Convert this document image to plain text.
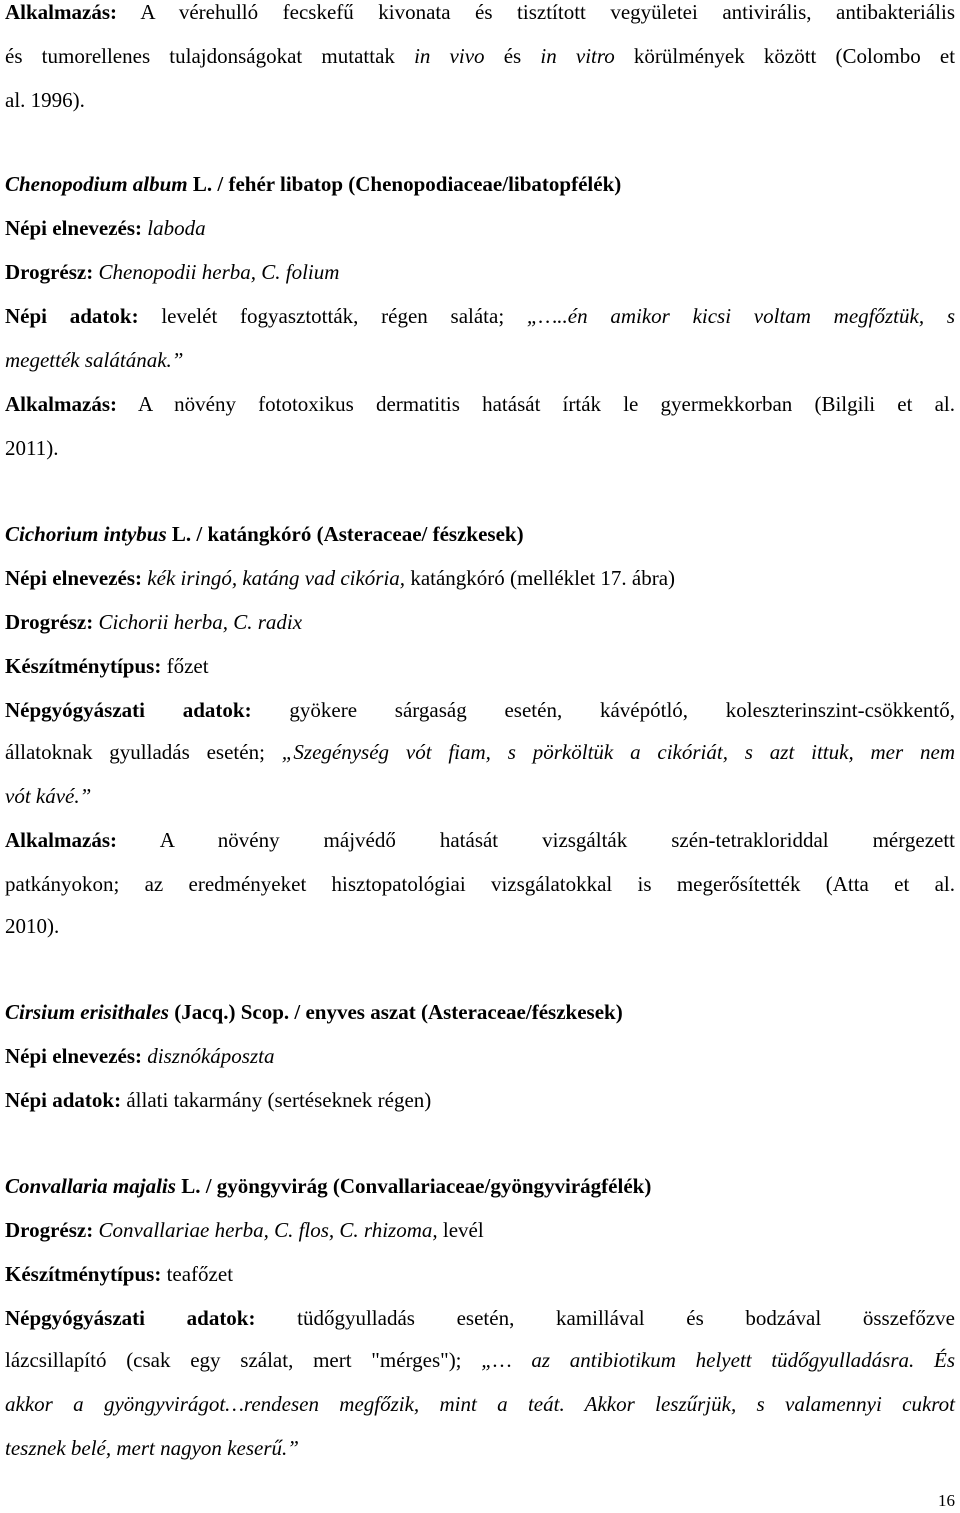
Alkalmazás: A vérehulló fecskefű kivonata és tisztított vegyületei antivirális, antibakteriális
és tumorellenes tulajdonságokat mutattak in vivo és in vitro körülmények között (Colombo et
al. 1996).
Chenopodium album L. / fehér libatop (Chenopodiaceae/libatopfélék)
Népi elnevezés: laboda
Drogrész: Chenopodii herba, C. folium
Népi adatok: levelét fogyasztották, régen saláta; „…..én amikor kicsi voltam megfőztük, s
megették salátának.”
Alkalmazás: A növény fototoxikus dermatitis hatását írták le gyermekkorban (Bilgili et al.
2011).
Cichorium intybus L. / katángkóró (Asteraceae/ fészkesek)
Népi elnevezés: kék iringó, katáng vad cikória, katángkóró (melléklet 17. ábra)
Drogrész: Cichorii herba, C. radix
Készítménytípus: főzet
Népgyógyászati adatok: gyökere sárgaság esetén, kávépótló, koleszterinszint-csökkentő,
állatoknak gyulladás esetén; „Szegénység vót fiam, s pörköltük a cikóriát, s azt ittuk, mer nem
vót kávé.”
Alkalmazás: A növény májvédő hatását vizsgálták szén-tetrakloriddal mérgezett
patkányokon; az eredményeket hisztopatológiai vizsgálatokkal is megerősítették (Atta et al.
2010).
Cirsium erisithales (Jacq.) Scop. / enyves aszat (Asteraceae/fészkesek)
Népi elnevezés: disznókáposzta
Népi adatok: állati takarmány (sertéseknek régen)
Convallaria majalis L. / gyöngyvirág (Convallariaceae/gyöngyvirágfélék)
Drogrész: Convallariae herba, C. flos, C. rhizoma, levél
Készítménytípus: teafőzet
Népgyógyászati adatok: tüdőgyulladás esetén, kamillával és bodzával összefőzve
lázcsillapító (csak egy szálat, mert "mérges"); „… az antibiotikum helyett tüdőgyulladásra. És
akkor a gyöngyvirágot…rendesen megfőzik, mint a teát. Akkor leszűrjük, s valamennyi cukrot
tesznek belé, mert nagyon keserű.”
16
